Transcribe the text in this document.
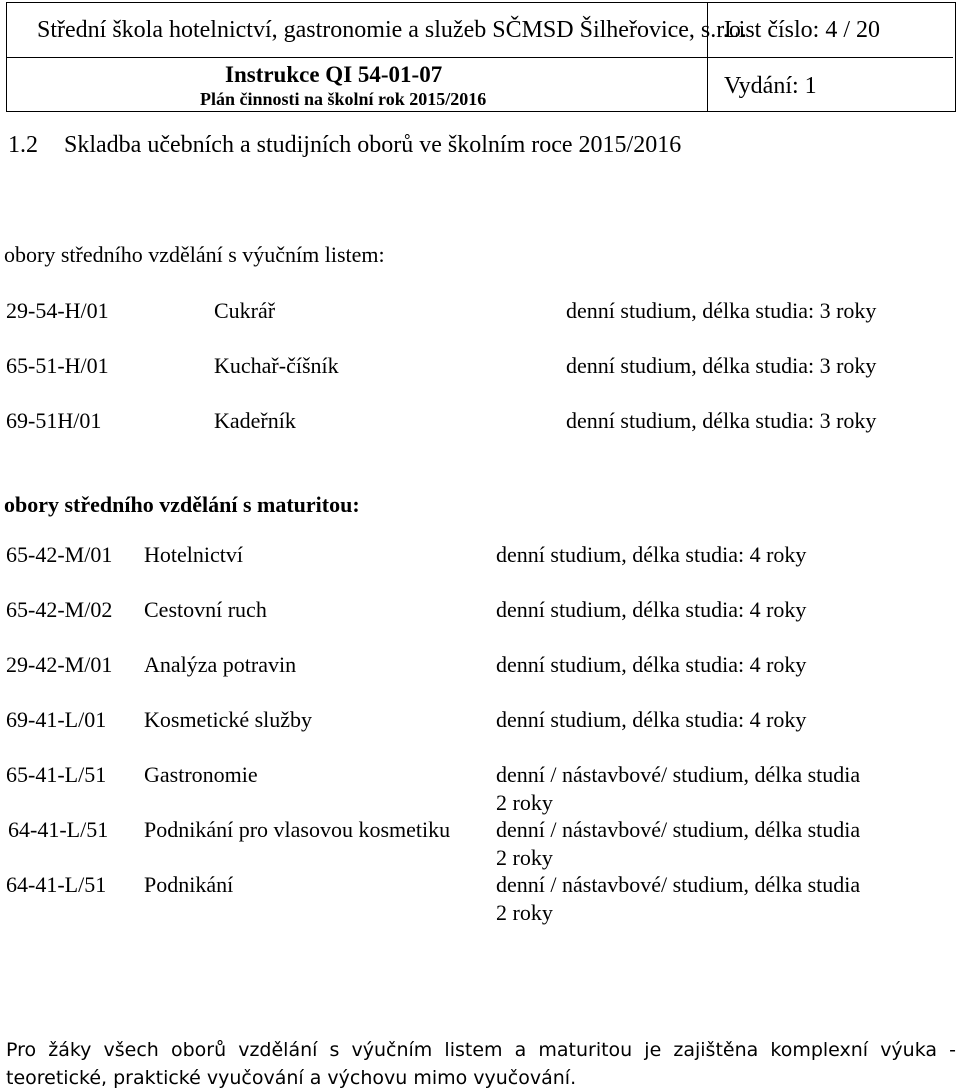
Střední škola hotelnictví, gastronomie a služeb SČMSD Šilheřovice, s.r.o.
List číslo: 4 / 20
Instrukce QI 54-01-07
Plán činnosti na školní rok 2015/2016	Vydání: 1
1.2 Skladba učebních a studijních oborů ve školním roce 2015/2016
obory středního vzdělání s výučním listem:
29-54-H/01	Cukrář	denní studium, délka studia: 3 roky
65-51-H/01	Kuchař-číšník	denní studium, délka studia: 3 roky
69-51H/01	Kadeřník	denní studium, délka studia: 3 roky
obory středního vzdělání s maturitou:
65-42-M/01 Hotelnictví	denní studium, délka studia: 4 roky
65-42-M/02 Cestovní ruch	denní studium, délka studia: 4 roky
29-42-M/01 Analýza potravin	denní studium, délka studia: 4 roky
69-41-L/01 Kosmetické služby	denní studium, délka studia: 4 roky
65-41-L/51 Gastronomie	denní / nástavbové/ studium, délka studia
2 roky
64-41-L/51 Podnikání pro vlasovou kosmetiku denní / nástavbové/ studium, délka studia
2 roky
64-41-L/51 Podnikání	denní / nástavbové/ studium, délka studia
2 roky
Pro žáky všech oborů vzdělání s výučním listem a maturitou je zajištěna komplexní výuka -
teoretické, praktické vyučování a výchovu mimo vyučování.
